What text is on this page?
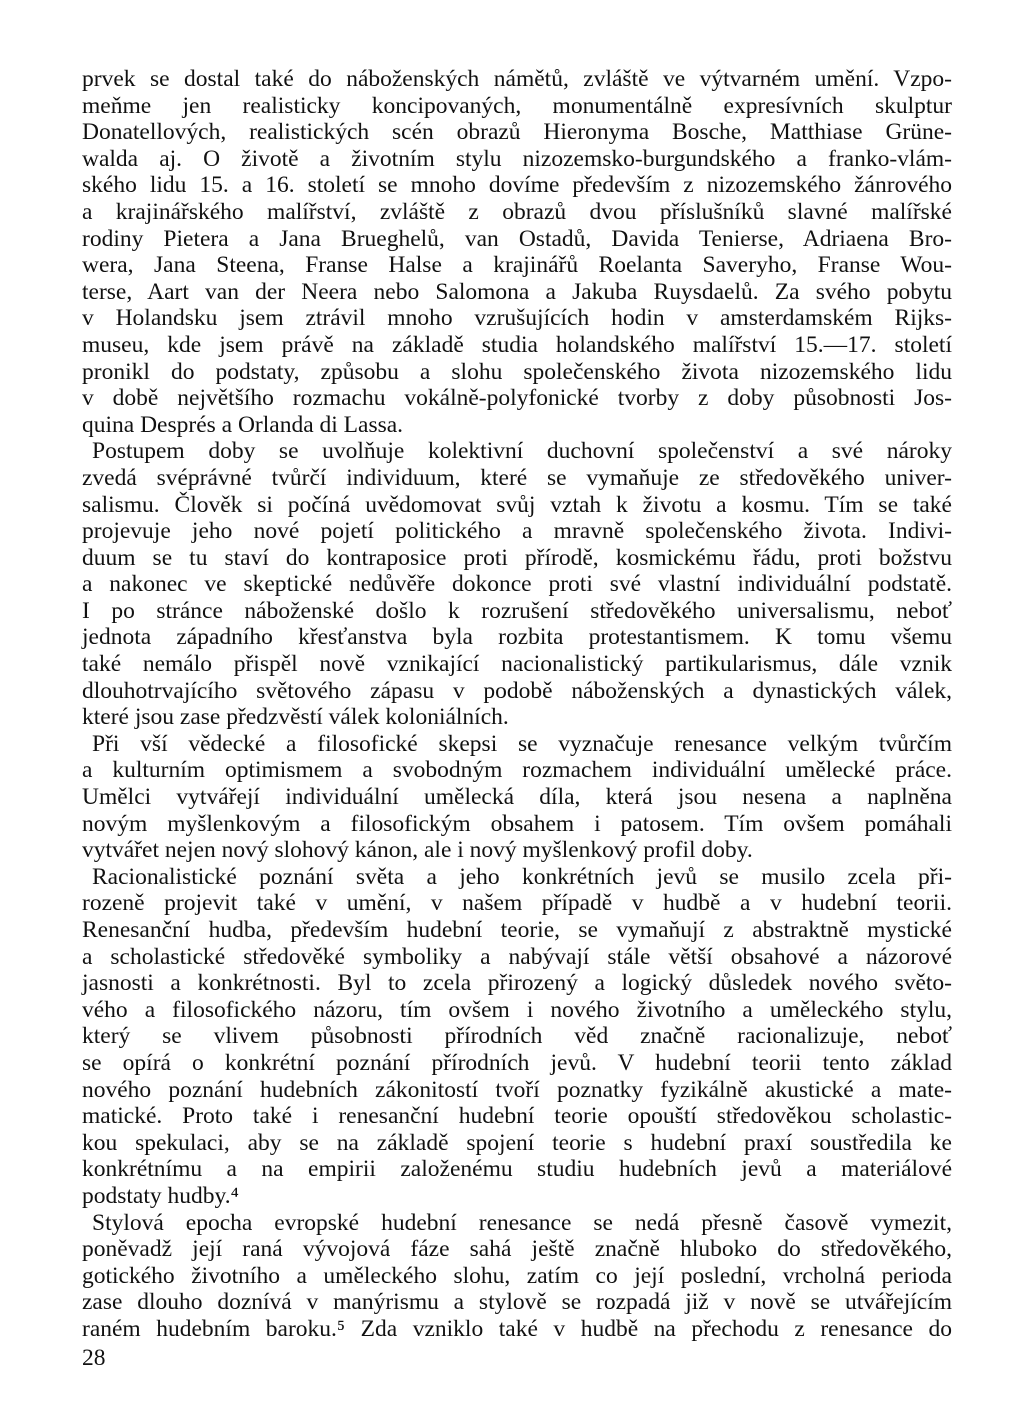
prvek se dostal také do náboženských námětů, zvláště ve výtvarném umění. Vzpo-
meňme jen realisticky koncipovaných, monumentálně expresívních skulptur
Donatellových, realistických scén obrazů Hieronyma Bosche, Matthiase Grüne-
walda aj. O životě a životním stylu nizozemsko-burgundského a franko-vlám-
ského lidu 15. a 16. století se mnoho dovíme především z nizozemského žánrového
a krajinářského malířství, zvláště z obrazů dvou příslušníků slavné malířské
rodiny Pietera a Jana Brueghelů, van Ostadů, Davida Tenierse, Adriaena Bro-
wera, Jana Steena, Franse Halse a krajinářů Roelanta Saveryho, Franse Wou-
terse, Aart van der Neera nebo Salomona a Jakuba Ruysdaelů. Za svého pobytu
v Holandsku jsem ztrávil mnoho vzrušujících hodin v amsterdamském Rijks-
museu, kde jsem právě na základě studia holandského malířství 15.—17. století
pronikl do podstaty, způsobu a slohu společenského života nizozemského lidu
v době největšího rozmachu vokálně-polyfonické tvorby z doby působnosti Jos-
quina Després a Orlanda di Lassa.
Postupem doby se uvolňuje kolektivní duchovní společenství a své nároky
zvedá svéprávné tvůrčí individuum, které se vymaňuje ze středověkého univer-
salismu. Člověk si počíná uvědomovat svůj vztah k životu a kosmu. Tím se také
projevuje jeho nové pojetí politického a mravně společenského života. Indivi-
duum se tu staví do kontraposice proti přírodě, kosmickému řádu, proti božstvu
a nakonec ve skeptické nedůvěře dokonce proti své vlastní individuální podstatě.
I po stránce náboženské došlo k rozrušení středověkého universalismu, neboť
jednota západního křesťanstva byla rozbita protestantismem. K tomu všemu
také nemálo přispěl nově vznikající nacionalistický partikularismus, dále vznik
dlouhotrvajícího světového zápasu v podobě náboženských a dynastických válek,
které jsou zase předzvěstí válek koloniálních.
Při vší vědecké a filosofické skepsi se vyznačuje renesance velkým tvůrčím
a kulturním optimismem a svobodným rozmachem individuální umělecké práce.
Umělci vytvářejí individuální umělecká díla, která jsou nesena a naplněna
novým myšlenkovým a filosofickým obsahem i patosem. Tím ovšem pomáhali
vytvářet nejen nový slohový kánon, ale i nový myšlenkový profil doby.
Racionalistické poznání světa a jeho konkrétních jevů se musilo zcela při-
rozeně projevit také v umění, v našem případě v hudbě a v hudební teorii.
Renesanční hudba, především hudební teorie, se vymaňují z abstraktně mystické
a scholastické středověké symboliky a nabývají stále větší obsahové a názorové
jasnosti a konkrétnosti. Byl to zcela přirozený a logický důsledek nového světo-
vého a filosofického názoru, tím ovšem i nového životního a uměleckého stylu,
který se vlivem působnosti přírodních věd značně racionalizuje, neboť
se opírá o konkrétní poznání přírodních jevů. V hudební teorii tento základ
nového poznání hudebních zákonitostí tvoří poznatky fyzikálně akustické a mate-
matické. Proto také i renesanční hudební teorie opouští středověkou scholastic-
kou spekulaci, aby se na základě spojení teorie s hudební praxí soustředila ke
konkrétnímu a na empirii založenému studiu hudebních jevů a materiálové
podstaty hudby.⁴
Stylová epocha evropské hudební renesance se nedá přesně časově vymezit,
poněvadž její raná vývojová fáze sahá ještě značně hluboko do středověkého,
gotického životního a uměleckého slohu, zatím co její poslední, vrcholná perioda
zase dlouho doznívá v manýrismu a stylově se rozpadá již v nově se utvářejícím
raném hudebním baroku.⁵ Zda vzniklo také v hudbě na přechodu z renesance do
28
